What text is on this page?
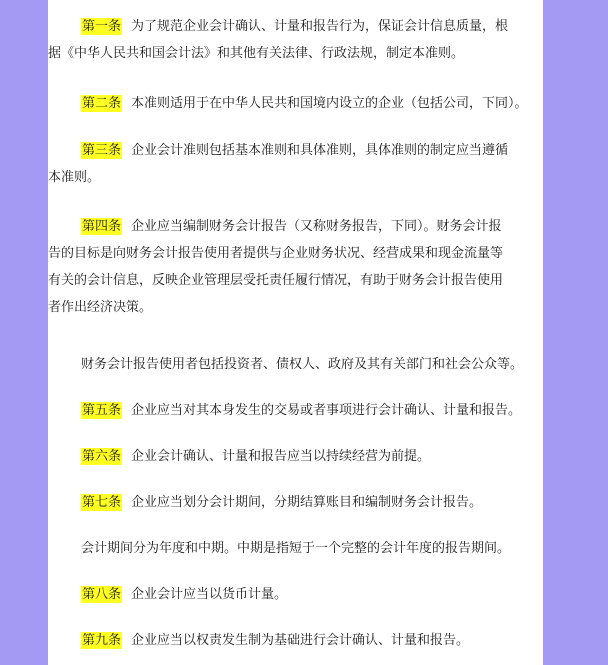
第一条 为了规范企业会计确认、计量和报告行为，保证会计信息质量，根
据《中华人民共和国会计法》和其他有关法律、行政法规，制定本准则。
第二条 本准则适用于在中华人民共和国境内设立的企业（包括公司，下同）。
第三条 企业会计准则包括基本准则和具体准则，具体准则的制定应当遵循
本准则。
第四条 企业应当编制财务会计报告（又称财务报告，下同）。财务会计报
告的目标是向财务会计报告使用者提供与企业财务状况、经营成果和现金流量等
有关的会计信息，反映企业管理层受托责任履行情况，有助于财务会计报告使用
者作出经济决策。
财务会计报告使用者包括投资者、债权人、政府及其有关部门和社会公众等。
第五条 企业应当对其本身发生的交易或者事项进行会计确认、计量和报告。
第六条 企业会计确认、计量和报告应当以持续经营为前提。
第七条 企业应当划分会计期间，分期结算账目和编制财务会计报告。
会计期间分为年度和中期。中期是指短于一个完整的会计年度的报告期间。
第八条 企业会计应当以货币计量。
第九条 企业应当以权责发生制为基础进行会计确认、计量和报告。
